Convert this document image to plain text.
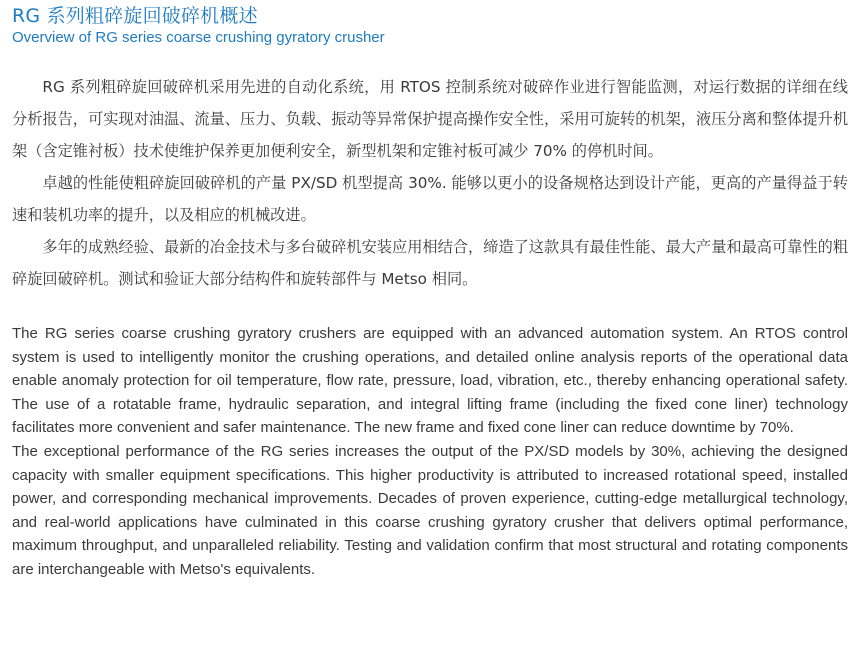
RG 系列粗碎旋回破碎机概述
Overview of RG series coarse crushing gyratory crusher

RG 系列粗碎旋回破碎机采用先进的自动化系统，用 RTOS 控制系统对破碎作业进行智能监测，对运行数据的详细在线分析报告，可实现对油温、流量、压力、负载、振动等异常保护提高操作安全性，采用可旋转的机架，液压分离和整体提升机架（含定锥衬板）技术使维护保养更加便利安全，新型机架和定锥衬板可减少 70% 的停机时间。

卓越的性能使粗碎旋回破碎机的产量 PX/SD 机型提高 30%. 能够以更小的设备规格达到设计产能，更高的产量得益于转速和装机功率的提升，以及相应的机械改进。

多年的成熟经验、最新的冶金技术与多台破碎机安装应用相结合，缔造了这款具有最佳性能、最大产量和最高可靠性的粗碎旋回破碎机。测试和验证大部分结构件和旋转部件与 Metso 相同。

The RG series coarse crushing gyratory crushers are equipped with an advanced automation system. An RTOS control system is used to intelligently monitor the crushing operations, and detailed online analysis reports of the operational data enable anomaly protection for oil temperature, flow rate, pressure, load, vibration, etc., thereby enhancing operational safety. The use of a rotatable frame, hydraulic separation, and integral lifting frame (including the fixed cone liner) technology facilitates more convenient and safer maintenance. The new frame and fixed cone liner can reduce downtime by 70%.

The exceptional performance of the RG series increases the output of the PX/SD models by 30%, achieving the designed capacity with smaller equipment specifications. This higher productivity is attributed to increased rotational speed, installed power, and corresponding mechanical improvements. Decades of proven experience, cutting-edge metallurgical technology, and real-world applications have culminated in this coarse crushing gyratory crusher that delivers optimal performance, maximum throughput, and unparalleled reliability. Testing and validation confirm that most structural and rotating components are interchangeable with Metso's equivalents.
